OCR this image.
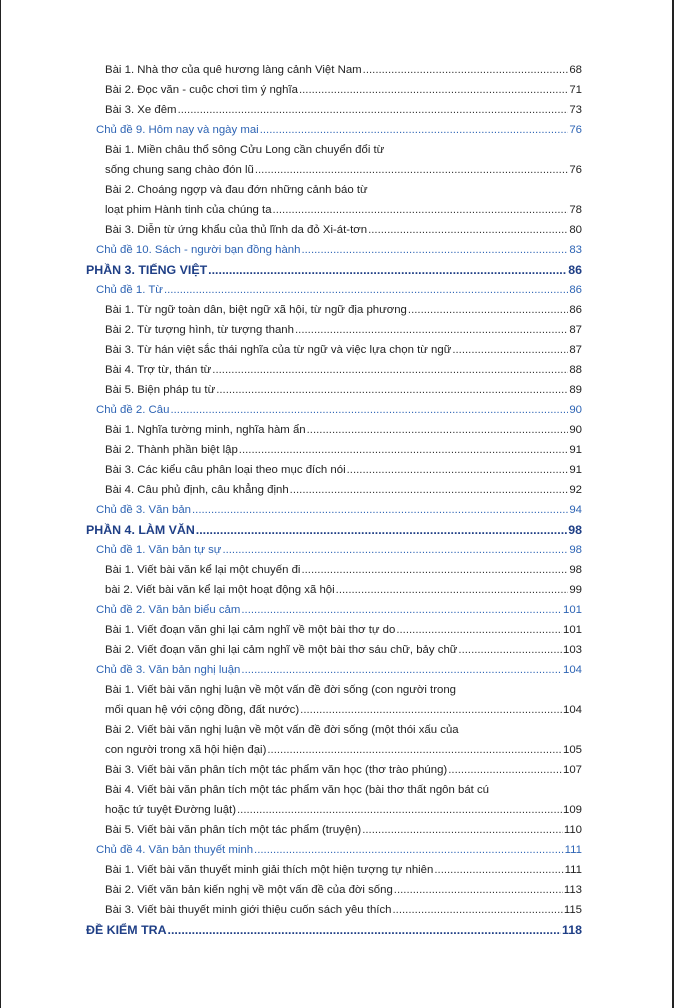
Bài 1. Nhà thơ của quê hương làng cảnh Việt Nam .....	68
Bài 2. Đọc văn - cuộc chơi tìm ý nghĩa .....	71
Bài 3. Xe đêm .....	73
Chủ đề 9. Hôm nay và ngày mai .....	76
Bài 1. Miền châu thổ sông Cửu Long cần chuyển đổi từ
sống chung sang chào đón lũ .....	76
Bài 2. Choáng ngợp và đau đớn những cảnh báo từ
loạt phim Hành tinh của chúng ta .....	78
Bài 3. Diễn từ ứng khẩu của thủ lĩnh da đỏ Xi-át-tơn .....	80
Chủ đề 10. Sách - người bạn đồng hành .....	83
PHẦN 3. TIẾNG VIỆT .....	86
Chủ đề 1. Từ .....	86
Bài 1. Từ ngữ toàn dân, biệt ngữ xã hội, từ ngữ địa phương .....	86
Bài 2. Từ tượng hình, từ tượng thanh .....	87
Bài 3. Từ hán việt sắc thái nghĩa của từ ngữ và việc lựa chọn từ ngữ .....	87
Bài 4. Trợ từ, thán từ .....	88
Bài 5. Biện pháp tu từ .....	89
Chủ đề 2. Câu .....	90
Bài 1. Nghĩa tường minh, nghĩa hàm ẩn .....	90
Bài 2. Thành phần biệt lập .....	91
Bài 3. Các kiểu câu phân loại theo mục đích nói .....	91
Bài 4. Câu phủ định, câu khẳng định .....	92
Chủ đề 3. Văn bản .....	94
PHẦN 4. LÀM VĂN .....	98
Chủ đề 1. Văn bản tự sự .....	98
Bài 1. Viết bài văn kể lại một chuyến đi .....	98
bài 2. Viết bài văn kể lại một hoạt động xã hội .....	99
Chủ đề 2. Văn bản biểu cảm .....	101
Bài 1. Viết đoạn văn ghi lại cảm nghĩ về một bài thơ tự do .....	101
Bài 2. Viết đoạn văn ghi lại cảm nghĩ về một bài thơ sáu chữ, bảy chữ .....	103
Chủ đề 3. Văn bản nghị luận .....	104
Bài 1. Viết bài văn nghị luận về một vấn đề đời sống (con người trong
mối quan hệ với cộng đồng, đất nước) .....	104
Bài 2. Viết bài văn nghị luận về một vấn đề đời sống (một thói xấu của
con người trong xã hội hiện đại) .....	105
Bài 3. Viết bài văn phân tích một tác phẩm văn học (thơ trào phúng) .....	107
Bài 4. Viết bài văn phân tích một tác phẩm văn học (bài thơ thất ngôn bát cú
hoặc tứ tuyệt Đường luật) .....	109
Bài 5. Viết bài văn phân tích một tác phẩm (truyện) .....	110
Chủ đề 4. Văn bản thuyết minh .....	111
Bài 1. Viết bài văn thuyết minh giải thích một hiện tượng tự nhiên .....	111
Bài 2. Viết văn bản kiến nghị về một vấn đề của đời sống .....	113
Bài 3. Viết bài thuyết minh giới thiệu cuốn sách yêu thích .....	115
ĐỀ KIỂM TRA .....	118
